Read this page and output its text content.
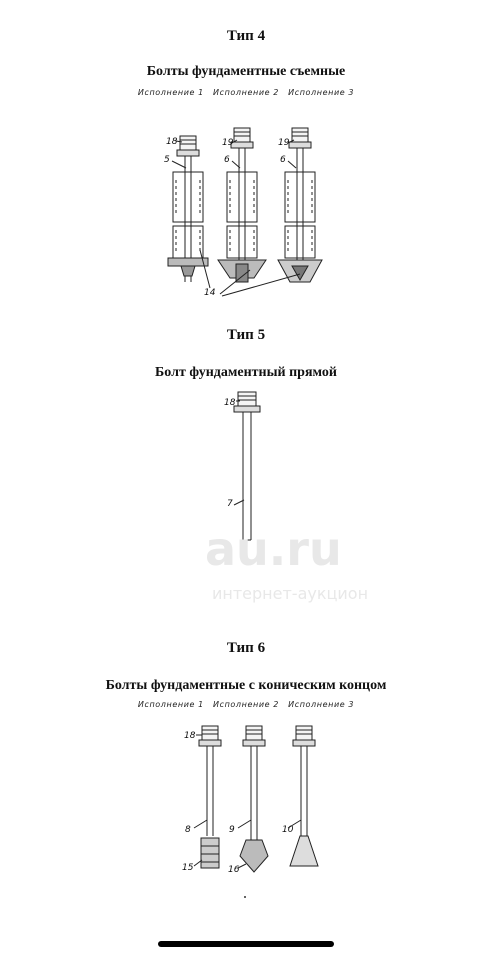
Тип 4
Болты фундаментные съемные
Исполнение 1 Исполнение 2 Исполнение 3
18	19	19
5	6	6
14
Тип 5
Болт фундаментный прямой
18
7
au.ru
интернет-аукцион
Тип 6
Болты фундаментные с коническим концом
Исполнение 1 Исполнение 2 Исполнение 3
18
8	9	10
15	16
